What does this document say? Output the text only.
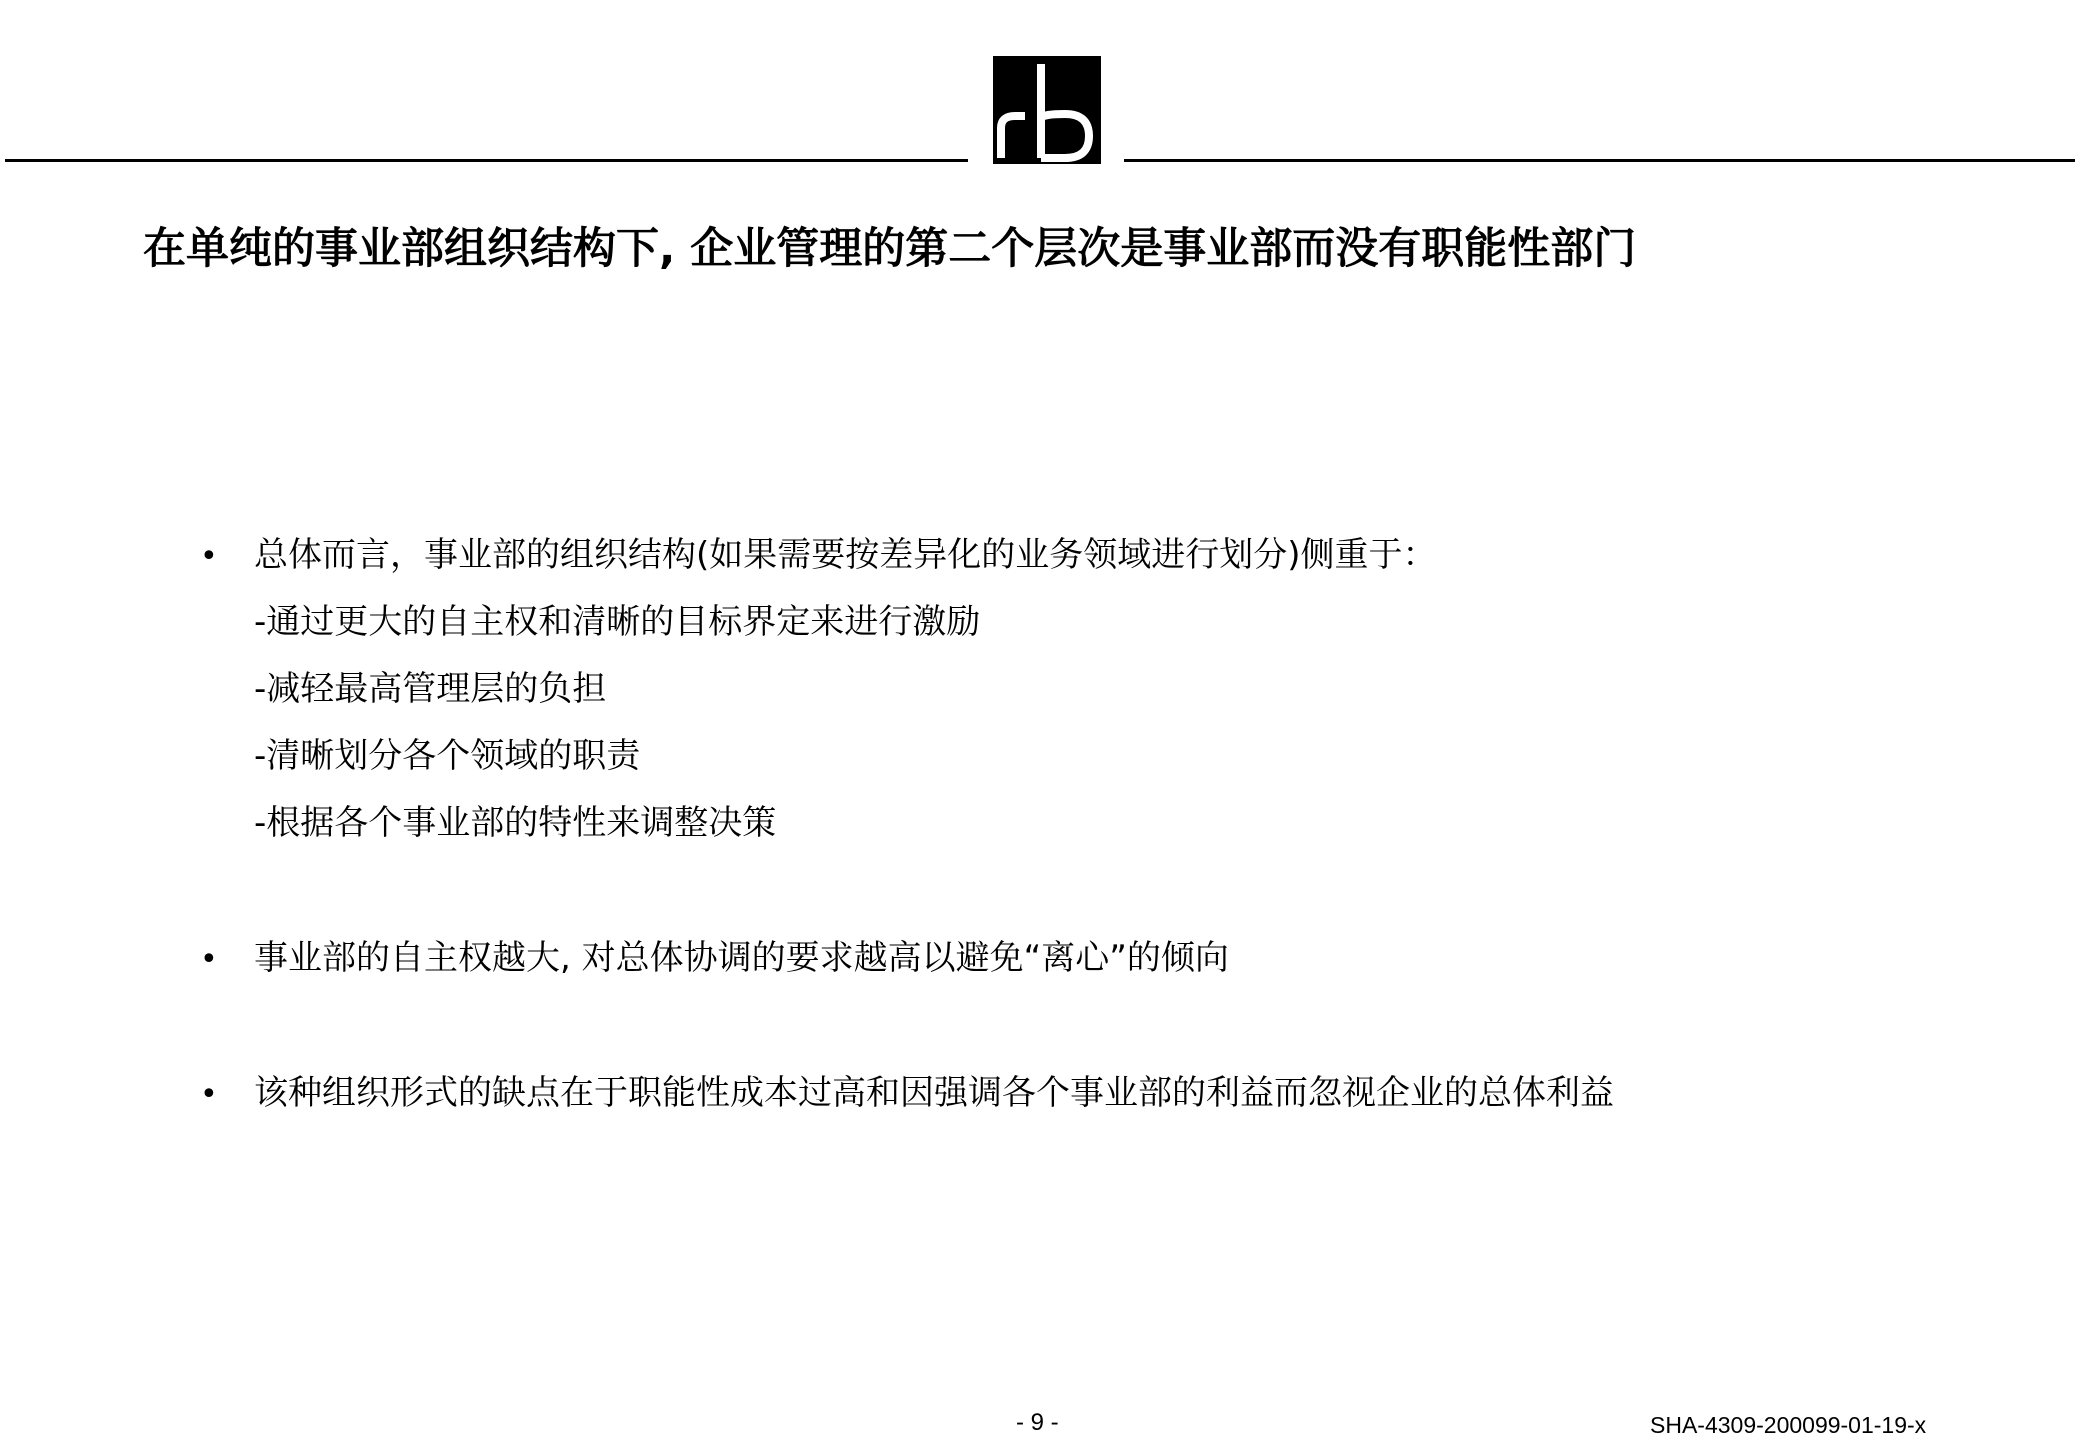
在单纯的事业部组织结构下, 企业管理的第二个层次是事业部而没有职能性部门
• 总体而言，事业部的组织结构(如果需要按差异化的业务领域进行划分)侧重于：
-通过更大的自主权和清晰的目标界定来进行激励
-减轻最高管理层的负担
-清晰划分各个领域的职责
-根据各个事业部的特性来调整决策
• 事业部的自主权越大, 对总体协调的要求越高以避免“离心”的倾向
• 该种组织形式的缺点在于职能性成本过高和因强调各个事业部的利益而忽视企业的总体利益
- 9 -	SHA-4309-200099-01-19-x
